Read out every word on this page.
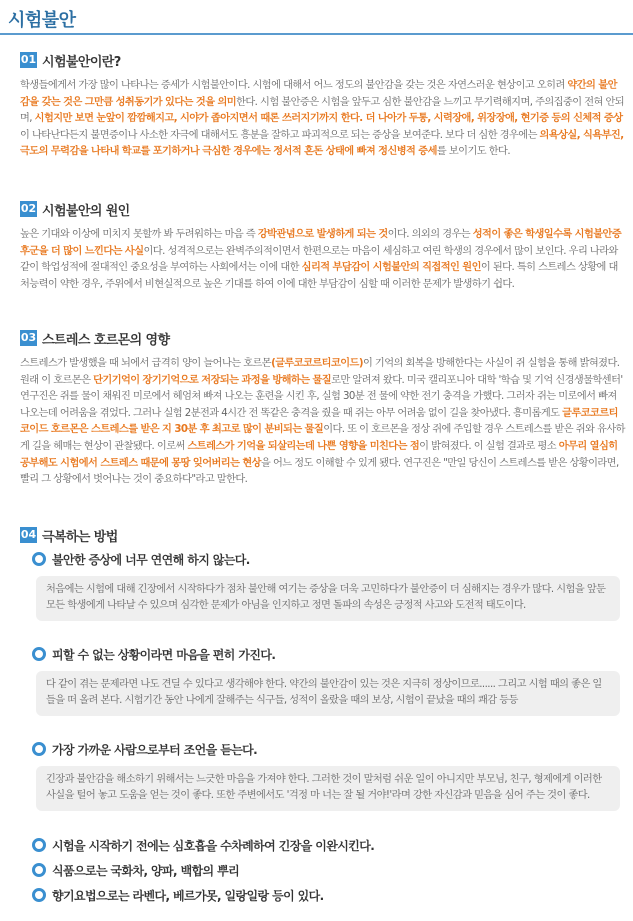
시험불안
01 시험불안이란?
학생들에게서 가장 많이 나타나는 증세가 시험불안이다. 시험에 대해서 어느 정도의 불안감을 갖는 것은 자연스러운 현상이고 오히려 약간의 불안감을 갖는 것은 그만큼 성취동기가 있다는 것을 의미한다. 시험 불안증은 시험을 앞두고 심한 불안감을 느끼고 무기력해지며, 주의집중이 전혀 안되며, 시험지만 보면 눈앞이 깜깜해지고, 시야가 좁아지면서 때론 쓰러지기까지 한다. 더 나아가 두통, 시력장애, 위장장애, 현기증 등의 신체적 증상이 나타난다든지 불면증이나 사소한 자극에 대해서도 흥분을 잘하고 파괴적으로 되는 증상을 보여준다. 보다 더 심한 경우에는 의욕상실, 식욕부진, 극도의 무력감을 나타내 학교를 포기하거나 극심한 경우에는 정서적 혼돈 상태에 빠져 정신병적 증세를 보이기도 한다.
02 시험불안의 원인
높은 기대와 이상에 미치지 못할까 봐 두려워하는 마음 즉 강박관념으로 발생하게 되는 것이다. 의외의 경우는 성적이 좋은 학생일수록 시험불안증후군을 더 많이 느낀다는 사실이다. 성격적으로는 완벽주의적이면서 한편으로는 마음이 세심하고 여린 학생의 경우에서 많이 보인다. 우리 나라와 같이 학업성적에 절대적인 중요성을 부여하는 사회에서는 이에 대한 심리적 부담감이 시험불안의 직접적인 원인이 된다. 특히 스트레스 상황에 대처능력이 약한 경우, 주위에서 비현실적으로 높은 기대를 하여 이에 대한 부담감이 심할 때 이러한 문제가 발생하기 쉽다.
03 스트레스 호르몬의 영향
스트레스가 발생했을 때 뇌에서 급격히 양이 늘어나는 호르몬(글루코코르티코이드)이 기억의 회복을 방해한다는 사실이 쥐 실험을 통해 밝혀졌다. 원래 이 호르몬은 단기기억이 장기기억으로 저장되는 과정을 방해하는 물질로만 알려져 왔다. 미국 캘리포니아 대학 '학습 및 기억 신경생물학센터' 연구진은 쥐를 물이 채워진 미로에서 헤엄쳐 빠져 나오는 훈련을 시킨 후, 실험 30분 전 물에 약한 전기 충격을 가했다. 그러자 쥐는 미로에서 빠져 나오는데 어려움을 겪었다. 그러나 실험 2분전과 4시간 전 똑같은 충격을 줬을 때 쥐는 아무 어려움 없이 길을 찾아냈다. 흥미롭게도 글루코코르티코이드 호르몬은 스트레스를 받은 지 30분 후 최고로 많이 분비되는 물질이다. 또 이 호르몬을 정상 쥐에 주입할 경우 스트레스를 받은 쥐와 유사하게 길을 헤매는 현상이 관찰됐다. 이로써 스트레스가 기억을 되살리는데 나쁜 영향을 미친다는 점이 밝혀졌다. 이 실험 결과로 평소 아무리 열심히 공부해도 시험에서 스트레스 때문에 몽땅 잊어버리는 현상을 어느 정도 이해할 수 있게 됐다. 연구진은 "만일 당신이 스트레스를 받은 상황이라면, 빨리 그 상황에서 벗어나는 것이 중요하다"라고 말한다.
04 극복하는 방법
불안한 증상에 너무 연연해 하지 않는다.
처음에는 시험에 대해 긴장에서 시작하다가 점차 불안해 여기는 증상을 더욱 고민하다가 불안증이 더 심해지는 경우가 많다. 시험을 앞둔 모든 학생에게 나타날 수 있으며 심각한 문제가 아님을 인지하고 정면 돌파의 속성은 긍정적 사고와 도전적 태도이다.
피할 수 없는 상황이라면 마음을 편히 가진다.
다 같이 겪는 문제라면 나도 견딜 수 있다고 생각해야 한다. 약간의 불안감이 있는 것은 지극히 정상이므로...... 그리고 시험 때의 좋은 일들을 떠 올려 본다. 시험기간 동안 나에게 잘해주는 식구들, 성적이 올랐을 때의 보상, 시험이 끝났을 때의 쾌감 등등
가장 가까운 사람으로부터 조언을 듣는다.
긴장과 불안감을 해소하기 위해서는 느긋한 마음을 가져야 한다. 그러한 것이 말처럼 쉬운 일이 아니지만 부모님, 친구, 형제에게 이러한 사실을 털어 놓고 도움을 얻는 것이 좋다. 또한 주변에서도 '걱정 마 너는 잘 될 거야!'라며 강한 자신감과 믿음을 심어 주는 것이 좋다.
시험을 시작하기 전에는 심호흡을 수차례하여 긴장을 이완시킨다.
식품으로는 국화차, 양파, 백합의 뿌리
향기요법으로는 라벤다, 베르가못, 일랑일랑 등이 있다.
